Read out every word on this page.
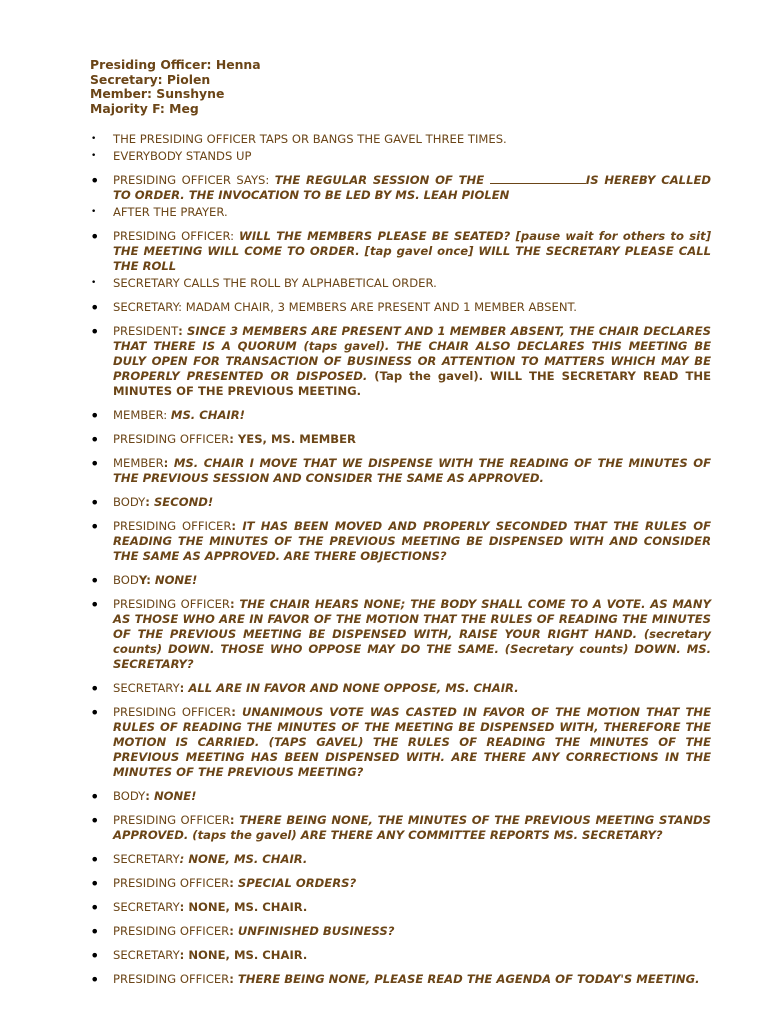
Presiding Officer: Henna
Secretary: Piolen
Member: Sunshyne
Majority F: Meg
• THE PRESIDING OFFICER TAPS OR BANGS THE GAVEL THREE TIMES.
• EVERYBODY STANDS UP
• PRESIDING OFFICER SAYS: THE REGULAR SESSION OF THE	IS HEREBY CALLED TO ORDER. THE INVOCATION TO BE LED BY MS. LEAH PIOLEN
• AFTER THE PRAYER.
• PRESIDING OFFICER: WILL THE MEMBERS PLEASE BE SEATED? [pause wait for others to sit] THE MEETING WILL COME TO ORDER. [tap gavel once] WILL THE SECRETARY PLEASE CALL THE ROLL
• SECRETARY CALLS THE ROLL BY ALPHABETICAL ORDER.
• SECRETARY: MADAM CHAIR, 3 MEMBERS ARE PRESENT AND 1 MEMBER ABSENT.
• PRESIDENT: SINCE 3 MEMBERS ARE PRESENT AND 1 MEMBER ABSENT, THE CHAIR DECLARES THAT THERE IS A QUORUM (taps gavel). THE CHAIR ALSO DECLARES THIS MEETING BE DULY OPEN FOR TRANSACTION OF BUSINESS OR ATTENTION TO MATTERS WHICH MAY BE PROPERLY PRESENTED OR DISPOSED. (Tap the gavel). WILL THE SECRETARY READ THE MINUTES OF THE PREVIOUS MEETING.
• MEMBER: MS. CHAIR!
• PRESIDING OFFICER: YES, MS. MEMBER
• MEMBER: MS. CHAIR I MOVE THAT WE DISPENSE WITH THE READING OF THE MINUTES OF THE PREVIOUS SESSION AND CONSIDER THE SAME AS APPROVED.
• BODY: SECOND!
• PRESIDING OFFICER: IT HAS BEEN MOVED AND PROPERLY SECONDED THAT THE RULES OF READING THE MINUTES OF THE PREVIOUS MEETING BE DISPENSED WITH AND CONSIDER THE SAME AS APPROVED. ARE THERE OBJECTIONS?
• BODY: NONE!
• PRESIDING OFFICER: THE CHAIR HEARS NONE; THE BODY SHALL COME TO A VOTE. AS MANY AS THOSE WHO ARE IN FAVOR OF THE MOTION THAT THE RULES OF READING THE MINUTES OF THE PREVIOUS MEETING BE DISPENSED WITH, RAISE YOUR RIGHT HAND. (secretary counts) DOWN. THOSE WHO OPPOSE MAY DO THE SAME. (Secretary counts) DOWN. MS. SECRETARY?
• SECRETARY: ALL ARE IN FAVOR AND NONE OPPOSE, MS. CHAIR.
• PRESIDING OFFICER: UNANIMOUS VOTE WAS CASTED IN FAVOR OF THE MOTION THAT THE RULES OF READING THE MINUTES OF THE MEETING BE DISPENSED WITH, THEREFORE THE MOTION IS CARRIED. (TAPS GAVEL) THE RULES OF READING THE MINUTES OF THE PREVIOUS MEETING HAS BEEN DISPENSED WITH. ARE THERE ANY CORRECTIONS IN THE MINUTES OF THE PREVIOUS MEETING?
• BODY: NONE!
• PRESIDING OFFICER: THERE BEING NONE, THE MINUTES OF THE PREVIOUS MEETING STANDS APPROVED. (taps the gavel) ARE THERE ANY COMMITTEE REPORTS MS. SECRETARY?
• SECRETARY: NONE, MS. CHAIR.
• PRESIDING OFFICER: SPECIAL ORDERS?
• SECRETARY: NONE, MS. CHAIR.
• PRESIDING OFFICER: UNFINISHED BUSINESS?
• SECRETARY: NONE, MS. CHAIR.
• PRESIDING OFFICER: THERE BEING NONE, PLEASE READ THE AGENDA OF TODAY'S MEETING.
